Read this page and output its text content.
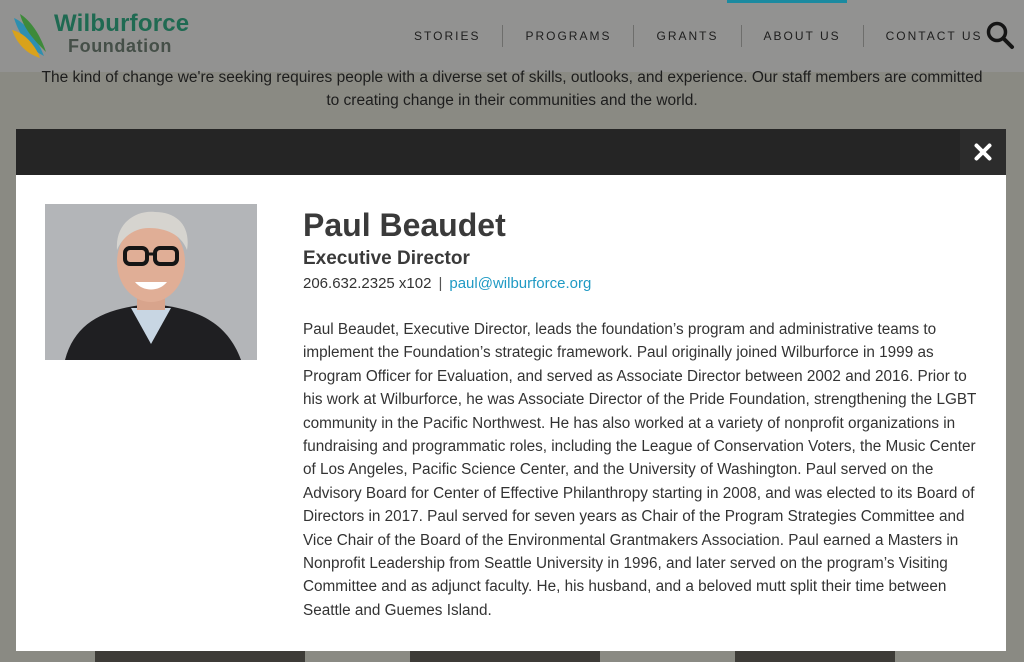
Wilburforce
Foundation	STORIES	PROGRAMS	GRANTS	ABOUT US	CONTACT US

The kind of change we're seeking requires people with a diverse set of skills, outlooks, and experience. Our staff members are committed to creating change in their communities and the world.

Paul Beaudet
Executive Director
206.632.2325 x102 | paul@wilburforce.org

Paul Beaudet, Executive Director, leads the foundation’s program and administrative teams to implement the Foundation’s strategic framework. Paul originally joined Wilburforce in 1999 as Program Officer for Evaluation, and served as Associate Director between 2002 and 2016. Prior to his work at Wilburforce, he was Associate Director of the Pride Foundation, strengthening the LGBT community in the Pacific Northwest. He has also worked at a variety of nonprofit organizations in fundraising and programmatic roles, including the League of Conservation Voters, the Music Center of Los Angeles, Pacific Science Center, and the University of Washington. Paul served on the Advisory Board for Center of Effective Philanthropy starting in 2008, and was elected to its Board of Directors in 2017. Paul served for seven years as Chair of the Program Strategies Committee and Vice Chair of the Board of the Environmental Grantmakers Association. Paul earned a Masters in Nonprofit Leadership from Seattle University in 1996, and later served on the program’s Visiting Committee and as adjunct faculty. He, his husband, and a beloved mutt split their time between Seattle and Guemes Island.
